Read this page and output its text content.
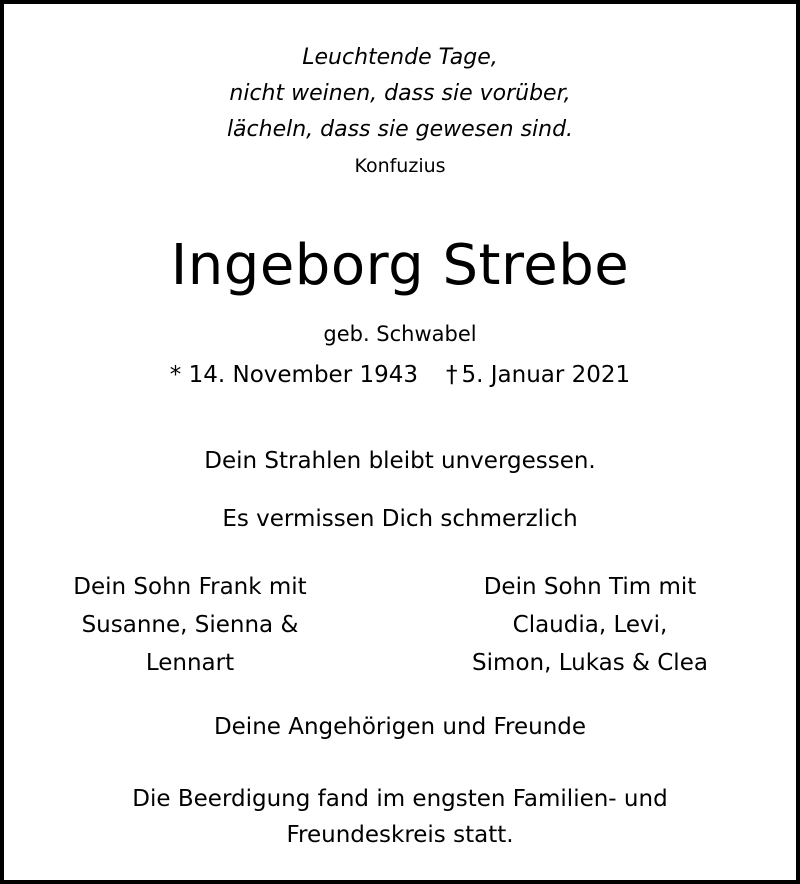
Leuchtende Tage,
nicht weinen, dass sie vorüber,
lächeln, dass sie gewesen sind.
Konfuzius
Ingeborg Strebe
geb. Schwabel
* 14. November 1943 † 5. Januar 2021
Dein Strahlen bleibt unvergessen.
Es vermissen Dich schmerzlich
Dein Sohn Frank mit
Susanne, Sienna &
Lennart
Dein Sohn Tim mit
Claudia, Levi,
Simon, Lukas & Clea
Deine Angehörigen und Freunde
Die Beerdigung fand im engsten Familien- und
Freundeskreis statt.
